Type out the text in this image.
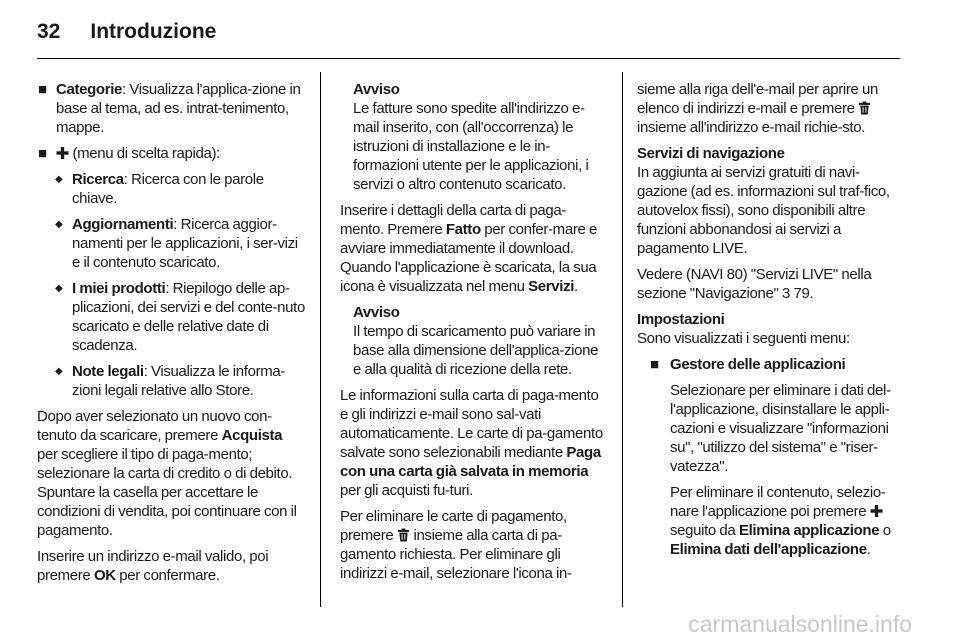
32 Introduzione
■ Categorie: Visualizza l'applica-zione in base al tema, ad es. intrat-tenimento, mappe.
■ (menu di scelta rapida):
◆ Ricerca: Ricerca con le parole chiave.
◆ Aggiornamenti: Ricerca aggior-namenti per le applicazioni, i ser-vizi e il contenuto scaricato.
◆ I miei prodotti: Riepilogo delle ap-plicazioni, dei servizi e del conte-nuto scaricato e delle relative date di scadenza.
◆ Note legali: Visualizza le informa-zioni legali relative allo Store.

Dopo aver selezionato un nuovo con-tenuto da scaricare, premere Acquista per scegliere il tipo di paga-mento; selezionare la carta di credito o di debito. Spuntare la casella per accettare le condizioni di vendita, poi continuare con il pagamento.

Inserire un indirizzo e-mail valido, poi premere OK per confermare.

Avviso
Le fatture sono spedite all'indirizzo e-mail inserito, con (all'occorrenza) le istruzioni di installazione e le in-formazioni utente per le applicazioni, i servizi o altro contenuto scaricato.

Inserire i dettagli della carta di paga-mento. Premere Fatto per confer-mare e avviare immediatamente il download. Quando l'applicazione è scaricata, la sua icona è visualizzata nel menu Servizi.

Avviso
Il tempo di scaricamento può variare in base alla dimensione dell'applica-zione e alla qualità di ricezione della rete.

Le informazioni sulla carta di paga-mento e gli indirizzi e-mail sono sal-vati automaticamente. Le carte di pa-gamento salvate sono selezionabili mediante Paga con una carta già salvata in memoria per gli acquisti fu-turi.

Per eliminare le carte di pagamento, premere  insieme alla carta di pa-gamento richiesta. Per eliminare gli indirizzi e-mail, selezionare l'icona in-

sieme alla riga dell'e-mail per aprire un elenco di indirizzi e-mail e premere  insieme all'indirizzo e-mail richie-sto.

Servizi di navigazione
In aggiunta ai servizi gratuiti di navi-gazione (ad es. informazioni sul traf-fico, autovelox fissi), sono disponibili altre funzioni abbonandosi ai servizi a pagamento LIVE.

Vedere (NAVI 80) "Servizi LIVE" nella sezione "Navigazione" 3 79.

Impostazioni
Sono visualizzati i seguenti menu:

■ Gestore delle applicazioni

Selezionare per eliminare i dati del-l'applicazione, disinstallare le appli-cazioni e visualizzare "informazioni su", "utilizzo del sistema" e "riser-vatezza".

Per eliminare il contenuto, selezio-nare l'applicazione poi premere  seguito da Elimina applicazione o Elimina dati dell'applicazione.

carmanualsonline.info
